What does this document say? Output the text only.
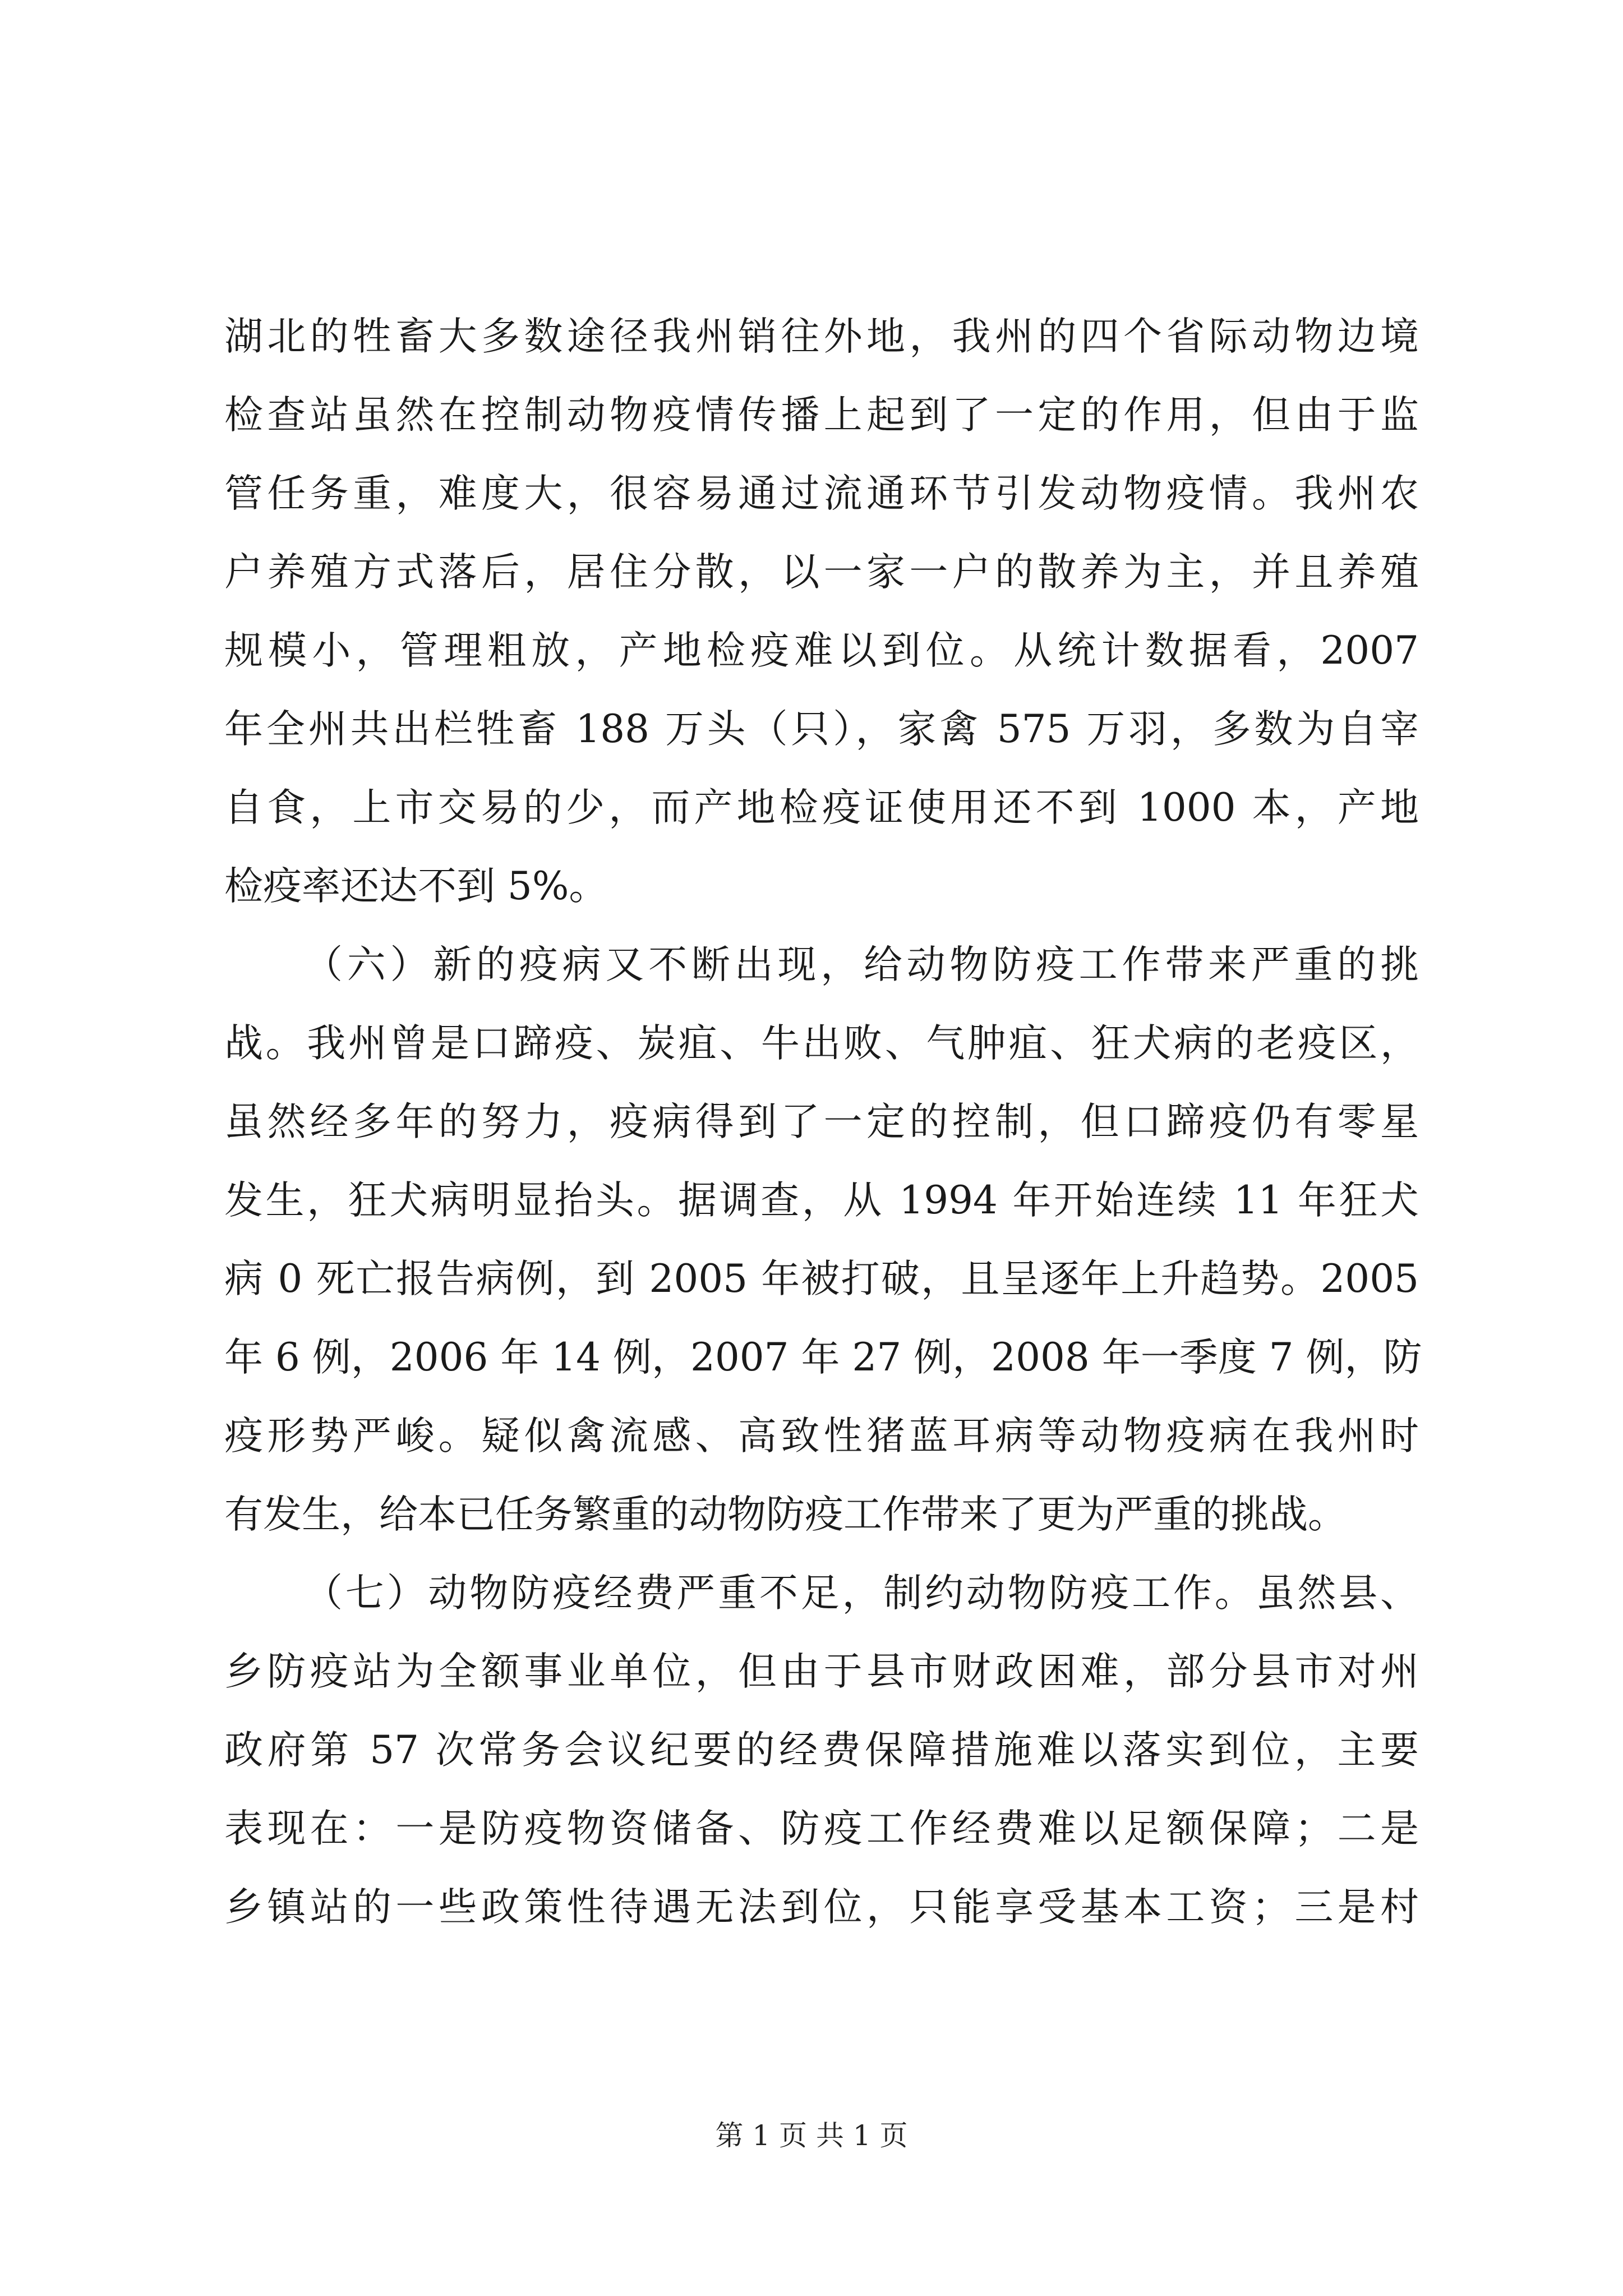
湖北的牲畜大多数途径我州销往外地，我州的四个省际动物边境
检查站虽然在控制动物疫情传播上起到了一定的作用，但由于监
管任务重，难度大，很容易通过流通环节引发动物疫情。我州农
户养殖方式落后，居住分散，以一家一户的散养为主，并且养殖
规模小，管理粗放，产地检疫难以到位。从统计数据看，2007
年全州共出栏牲畜 188 万头（只），家禽 575 万羽，多数为自宰
自食，上市交易的少，而产地检疫证使用还不到 1000 本，产地
检疫率还达不到 5%。
（六）新的疫病又不断出现，给动物防疫工作带来严重的挑
战。我州曾是口蹄疫、炭疽、牛出败、气肿疽、狂犬病的老疫区，
虽然经多年的努力，疫病得到了一定的控制，但口蹄疫仍有零星
发生，狂犬病明显抬头。据调查，从 1994 年开始连续 11 年狂犬
病 0 死亡报告病例，到 2005 年被打破，且呈逐年上升趋势。2005
年 6 例，2006 年 14 例，2007 年 27 例，2008 年一季度 7 例，防
疫形势严峻。疑似禽流感、高致性猪蓝耳病等动物疫病在我州时
有发生，给本已任务繁重的动物防疫工作带来了更为严重的挑战。
（七）动物防疫经费严重不足，制约动物防疫工作。虽然县、
乡防疫站为全额事业单位，但由于县市财政困难，部分县市对州
政府第 57 次常务会议纪要的经费保障措施难以落实到位，主要
表现在：一是防疫物资储备、防疫工作经费难以足额保障；二是
乡镇站的一些政策性待遇无法到位，只能享受基本工资；三是村
第 1 页 共 1 页
